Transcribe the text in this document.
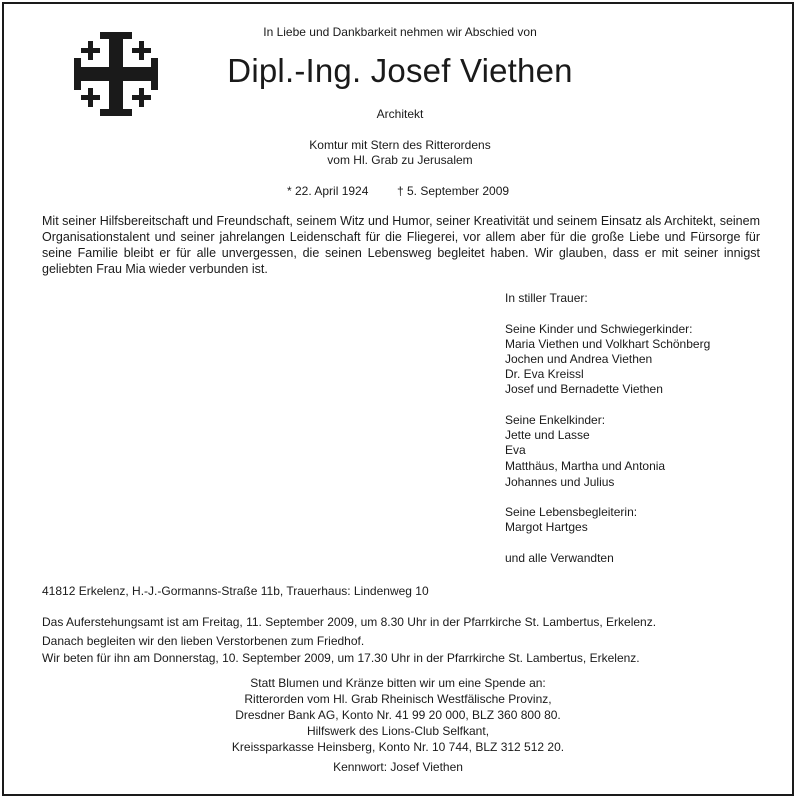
In Liebe und Dankbarkeit nehmen wir Abschied von
Dipl.-Ing. Josef Viethen
Architekt
Komtur mit Stern des Ritterordens
vom Hl. Grab zu Jerusalem
* 22. April 1924 † 5. September 2009
Mit seiner Hilfsbereitschaft und Freundschaft, seinem Witz und Humor, seiner Kreativität und seinem Einsatz als Architekt, seinem Organisationstalent und seiner jahrelangen Leidenschaft für die Fliegerei, vor allem aber für die große Liebe und Fürsorge für seine Familie bleibt er für alle unvergessen, die seinen Lebensweg begleitet haben. Wir glauben, dass er mit seiner innigst geliebten Frau Mia wieder verbunden ist.
In stiller Trauer:
Seine Kinder und Schwiegerkinder:
Maria Viethen und Volkhart Schönberg
Jochen und Andrea Viethen
Dr. Eva Kreissl
Josef und Bernadette Viethen
Seine Enkelkinder:
Jette und Lasse
Eva
Matthäus, Martha und Antonia
Johannes und Julius
Seine Lebensbegleiterin:
Margot Hartges
und alle Verwandten
41812 Erkelenz, H.-J.-Gormanns-Straße 11b, Trauerhaus: Lindenweg 10
Das Auferstehungsamt ist am Freitag, 11. September 2009, um 8.30 Uhr in der Pfarrkirche St. Lambertus, Erkelenz.
Danach begleiten wir den lieben Verstorbenen zum Friedhof.
Wir beten für ihn am Donnerstag, 10. September 2009, um 17.30 Uhr in der Pfarrkirche St. Lambertus, Erkelenz.
Statt Blumen und Kränze bitten wir um eine Spende an:
Ritterorden vom Hl. Grab Rheinisch Westfälische Provinz,
Dresdner Bank AG, Konto Nr. 41 99 20 000, BLZ 360 800 80.
Hilfswerk des Lions-Club Selfkant,
Kreissparkasse Heinsberg, Konto Nr. 10 744, BLZ 312 512 20.
Kennwort: Josef Viethen
